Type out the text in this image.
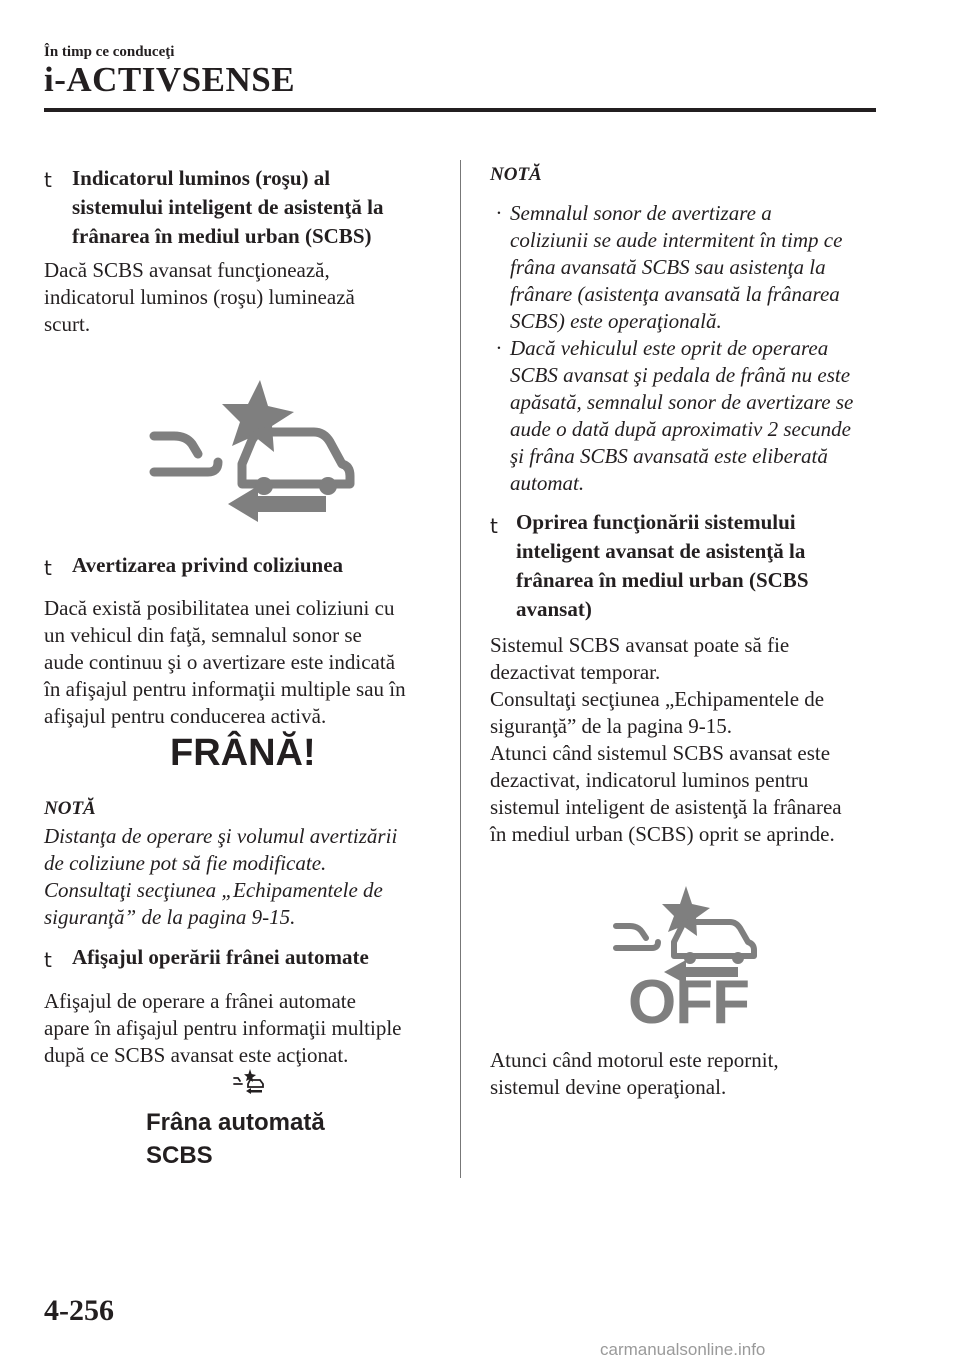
În timp ce conduceţi
i-ACTIVSENSE
t Indicatorul luminos (roşu) al
sistemului inteligent de asistenţă la
frânarea în mediul urban (SCBS)
Dacă SCBS avansat funcţionează,
indicatorul luminos (roşu) luminează
scurt.
t Avertizarea privind coliziunea
Dacă există posibilitatea unei coliziuni cu
un vehicul din faţă, semnalul sonor se
aude continuu şi o avertizare este indicată
în afişajul pentru informaţii multiple sau în
afişajul pentru conducerea activă.
FRÂNĂ!
NOTĂ
Distanţa de operare şi volumul avertizării
de coliziune pot să fie modificate.
Consultaţi secţiunea „Echipamentele de
siguranţă” de la pagina 9-15.
t Afişajul operării frânei automate
Afişajul de operare a frânei automate
apare în afişajul pentru informaţii multiple
după ce SCBS avansat este acţionat.
Frâna automată
SCBS
NOTĂ
· Semnalul sonor de avertizare a
coliziunii se aude intermitent în timp ce
frâna avansată SCBS sau asistenţa la
frânare (asistenţa avansată la frânarea
SCBS) este operaţională.
· Dacă vehiculul este oprit de operarea
SCBS avansat şi pedala de frână nu este
apăsată, semnalul sonor de avertizare se
aude o dată după aproximativ 2 secunde
şi frâna SCBS avansată este eliberată
automat.
t Oprirea funcţionării sistemului
inteligent avansat de asistenţă la
frânarea în mediul urban (SCBS
avansat)
Sistemul SCBS avansat poate să fie
dezactivat temporar.
Consultaţi secţiunea „Echipamentele de
siguranţă” de la pagina 9-15.
Atunci când sistemul SCBS avansat este
dezactivat, indicatorul luminos pentru
sistemul inteligent de asistenţă la frânarea
în mediul urban (SCBS) oprit se aprinde.
OFF
Atunci când motorul este repornit,
sistemul devine operaţional.
4-256
carmanualsonline.info
